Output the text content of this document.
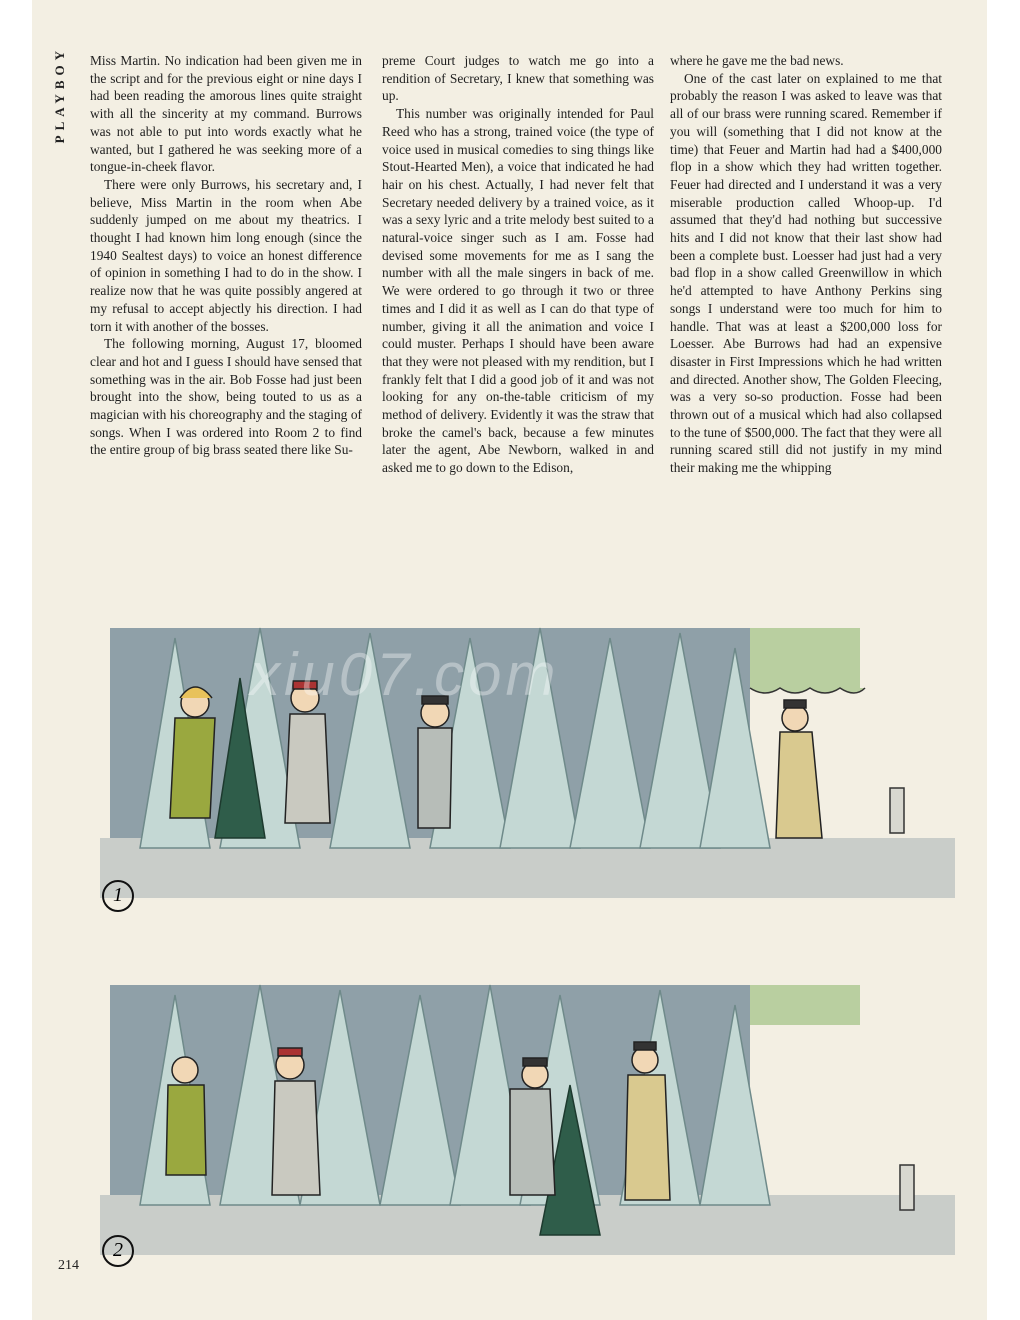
PLAYBOY Miss Martin. No indication had been given me in the script and for the previous eight or nine days I had been reading the amorous lines quite straight with all the sincerity at my command. Burrows was not able to put into words exactly what he wanted, but I gathered he was seeking more of a tongue-in-cheek flavor.

There were only Burrows, his secretary and, I believe, Miss Martin in the room when Abe suddenly jumped on me about my theatrics. I thought I had known him long enough (since the 1940 Sealtest days) to voice an honest difference of opinion in something I had to do in the show. I realize now that he was quite possibly angered at my refusal to accept abjectly his direction. I had torn it with another of the bosses.

The following morning, August 17, bloomed clear and hot and I guess I should have sensed that something was in the air. Bob Fosse had just been brought into the show, being touted to us as a magician with his choreography and the staging of songs. When I was ordered into Room 2 to find the entire group of big brass seated there like Su-

preme Court judges to watch me go into a rendition of Secretary, I knew that something was up.

This number was originally intended for Paul Reed who has a strong, trained voice (the type of voice used in musical comedies to sing things like Stout-Hearted Men), a voice that indicated he had hair on his chest. Actually, I had never felt that Secretary needed delivery by a trained voice, as it was a sexy lyric and a trite melody best suited to a natural-voice singer such as I am. Fosse had devised some movements for me as I sang the number with all the male singers in back of me. We were ordered to go through it two or three times and I did it as well as I can do that type of number, giving it all the animation and voice I could muster. Perhaps I should have been aware that they were not pleased with my rendition, but I frankly felt that I did a good job of it and was not looking for any on-the-table criticism of my method of delivery. Evidently it was the straw that broke the camel's back, because a few minutes later the agent, Abe Newborn, walked in and asked me to go down to the Edison,

where he gave me the bad news.

One of the cast later on explained to me that probably the reason I was asked to leave was that all of our brass were running scared. Remember if you will (something that I did not know at the time) that Feuer and Martin had had a $400,000 flop in a show which they had written together. Feuer had directed and I understand it was a very miserable production called Whoop-up. I'd assumed that they'd had nothing but successive hits and I did not know that their last show had been a complete bust. Loesser had just had a very bad flop in a show called Greenwillow in which he'd attempted to have Anthony Perkins sing songs I understand were too much for him to handle. That was at least a $200,000 loss for Loesser. Abe Burrows had had an expensive disaster in First Impressions which he had written and directed. Another show, The Golden Fleecing, was a very so-so production. Fosse had been thrown out of a musical which had also collapsed to the tune of $500,000. The fact that they were all running scared still did not justify in my mind their making me the whipping

1
2
xiu07.com
214
